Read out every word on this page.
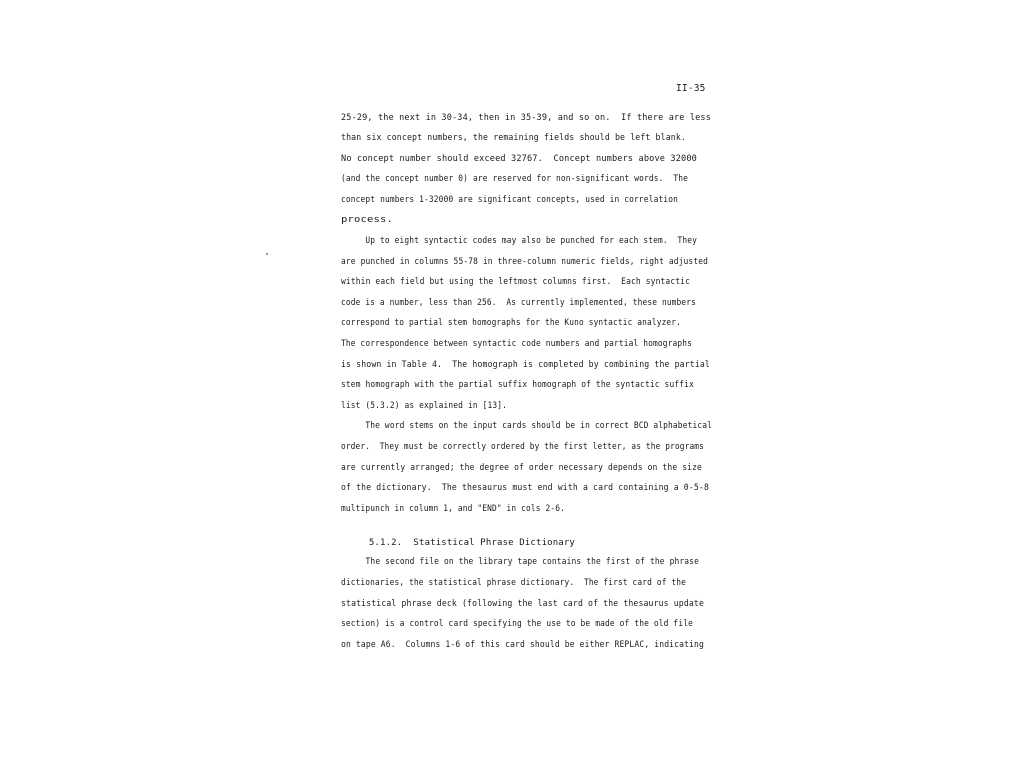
II-35
25-29, the next in 30-34, then in 35-39, and so on.  If there are less
than six concept numbers, the remaining fields should be left blank.
No concept number should exceed 32767.  Concept numbers above 32000
(and the concept number 0) are reserved for non-significant words.  The
concept numbers 1-32000 are significant concepts, used in correlation
process.
Up to eight syntactic codes may also be punched for each stem.  They
are punched in columns 55-78 in three-column numeric fields, right adjusted
within each field but using the leftmost columns first.  Each syntactic
code is a number, less than 256.  As currently implemented, these numbers
correspond to partial stem homographs for the Kuno syntactic analyzer.
The correspondence between syntactic code numbers and partial homographs
is shown in Table 4.  The homograph is completed by combining the partial
stem homograph with the partial suffix homograph of the syntactic suffix
list (5.3.2) as explained in [13].
The word stems on the input cards should be in correct BCD alphabetical
order.  They must be correctly ordered by the first letter, as the programs
are currently arranged; the degree of order necessary depends on the size
of the dictionary.  The thesaurus must end with a card containing a 0-5-8
multipunch in column 1, and "END" in cols 2-6.
5.1.2.  Statistical Phrase Dictionary
The second file on the library tape contains the first of the phrase
dictionaries, the statistical phrase dictionary.  The first card of the
statistical phrase deck (following the last card of the thesaurus update
section) is a control card specifying the use to be made of the old file
on tape A6.  Columns 1-6 of this card should be either REPLAC, indicating
